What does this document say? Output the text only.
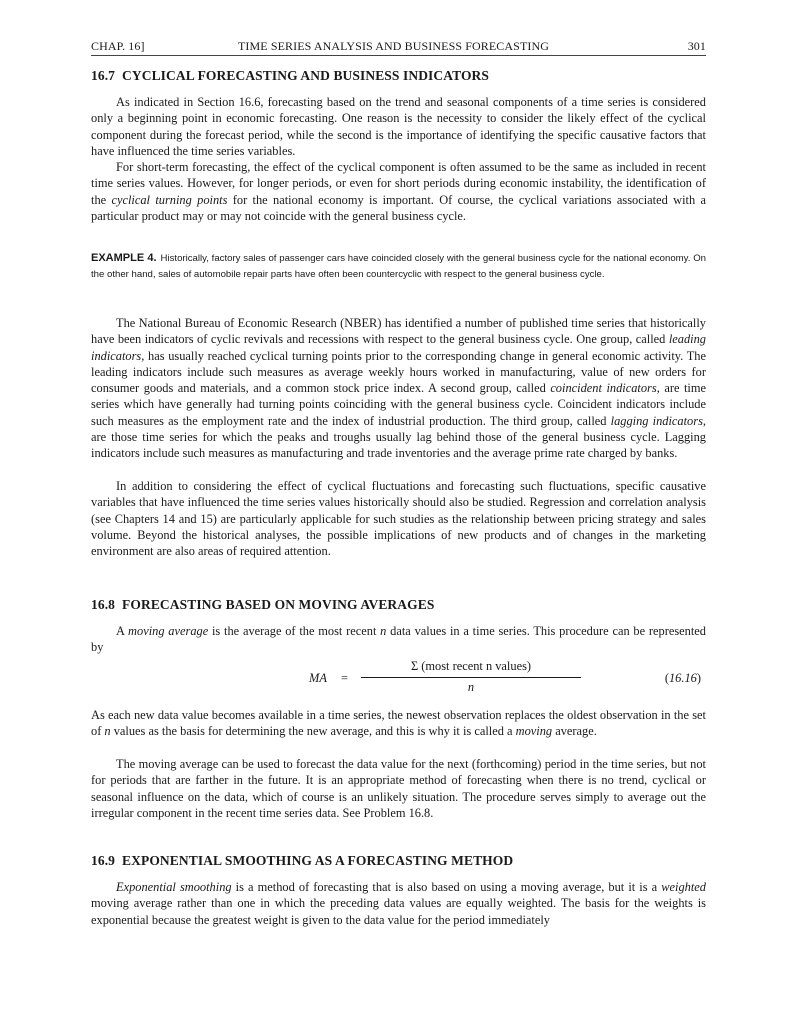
CHAP. 16]	TIME SERIES ANALYSIS AND BUSINESS FORECASTING	301
16.7 CYCLICAL FORECASTING AND BUSINESS INDICATORS

As indicated in Section 16.6, forecasting based on the trend and seasonal components of a time series is considered only a beginning point in economic forecasting. One reason is the necessity to consider the likely effect of the cyclical component during the forecast period, while the second is the importance of identifying the specific causative factors that have influenced the time series variables.

For short-term forecasting, the effect of the cyclical component is often assumed to be the same as included in recent time series values. However, for longer periods, or even for short periods during economic instability, the identification of the cyclical turning points for the national economy is important. Of course, the cyclical variations associated with a particular product may or may not coincide with the general business cycle.

EXAMPLE 4. Historically, factory sales of passenger cars have coincided closely with the general business cycle for the national economy. On the other hand, sales of automobile repair parts have often been countercyclic with respect to the general business cycle.

The National Bureau of Economic Research (NBER) has identified a number of published time series that historically have been indicators of cyclic revivals and recessions with respect to the general business cycle. One group, called leading indicators, has usually reached cyclical turning points prior to the corresponding change in general economic activity. The leading indicators include such measures as average weekly hours worked in manufacturing, value of new orders for consumer goods and materials, and a common stock price index. A second group, called coincident indicators, are time series which have generally had turning points coinciding with the general business cycle. Coincident indicators include such measures as the employment rate and the index of industrial production. The third group, called lagging indicators, are those time series for which the peaks and troughs usually lag behind those of the general business cycle. Lagging indicators include such measures as manufacturing and trade inventories and the average prime rate charged by banks.

In addition to considering the effect of cyclical fluctuations and forecasting such fluctuations, specific causative variables that have influenced the time series values historically should also be studied. Regression and correlation analysis (see Chapters 14 and 15) are particularly applicable for such studies as the relationship between pricing strategy and sales volume. Beyond the historical analyses, the possible implications of new products and of changes in the marketing environment are also areas of required attention.

16.8 FORECASTING BASED ON MOVING AVERAGES

A moving average is the average of the most recent n data values in a time series. This procedure can be represented by

MA =
Σ (most recent n values)
n
(16.16)

As each new data value becomes available in a time series, the newest observation replaces the oldest observation in the set of n values as the basis for determining the new average, and this is why it is called a moving average.

The moving average can be used to forecast the data value for the next (forthcoming) period in the time series, but not for periods that are farther in the future. It is an appropriate method of forecasting when there is no trend, cyclical or seasonal influence on the data, which of course is an unlikely situation. The procedure serves simply to average out the irregular component in the recent time series data. See Problem 16.8.

16.9 EXPONENTIAL SMOOTHING AS A FORECASTING METHOD

Exponential smoothing is a method of forecasting that is also based on using a moving average, but it is a weighted moving average rather than one in which the preceding data values are equally weighted. The basis for the weights is exponential because the greatest weight is given to the data value for the period immediately
